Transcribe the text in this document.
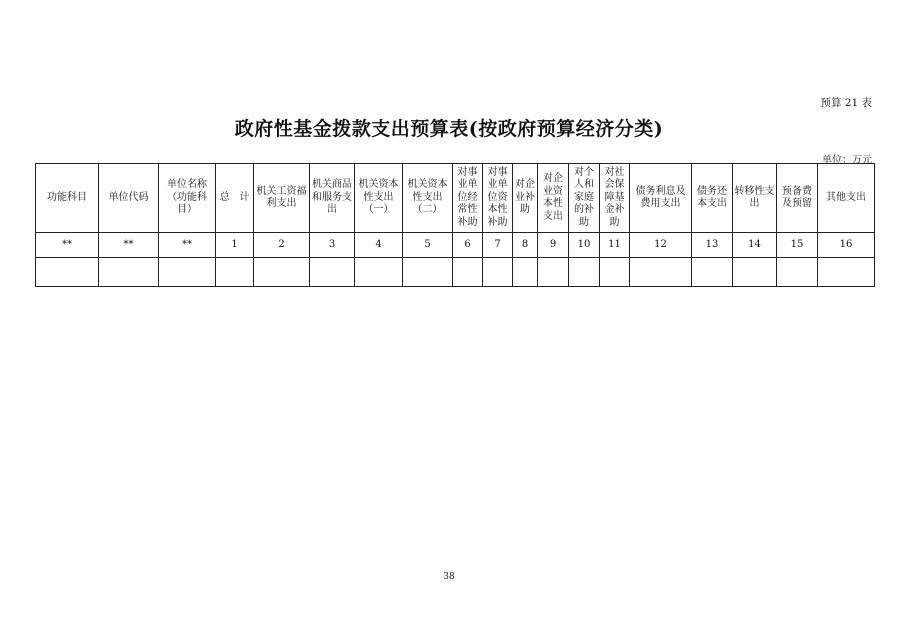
预算 21 表
政府性基金拨款支出预算表(按政府预算经济分类)
单位：万元
功能科目	单位代码	单位名称（功能科目）	总　计	机关工资福利支出	机关商品和服务支出	机关资本性支出（一）	机关资本性支出（二）	对事业单位经常性补助	对事业单位资本性补助	对企业补助	对企业资本性支出	对个人和家庭的补助	对社会保障基金补助	债务利息及费用支出	债务还本支出	转移性支出	预备费及预留	其他支出
**	**	**	1	2	3	4	5	6	7	8	9	10	11	12	13	14	15	16

38
